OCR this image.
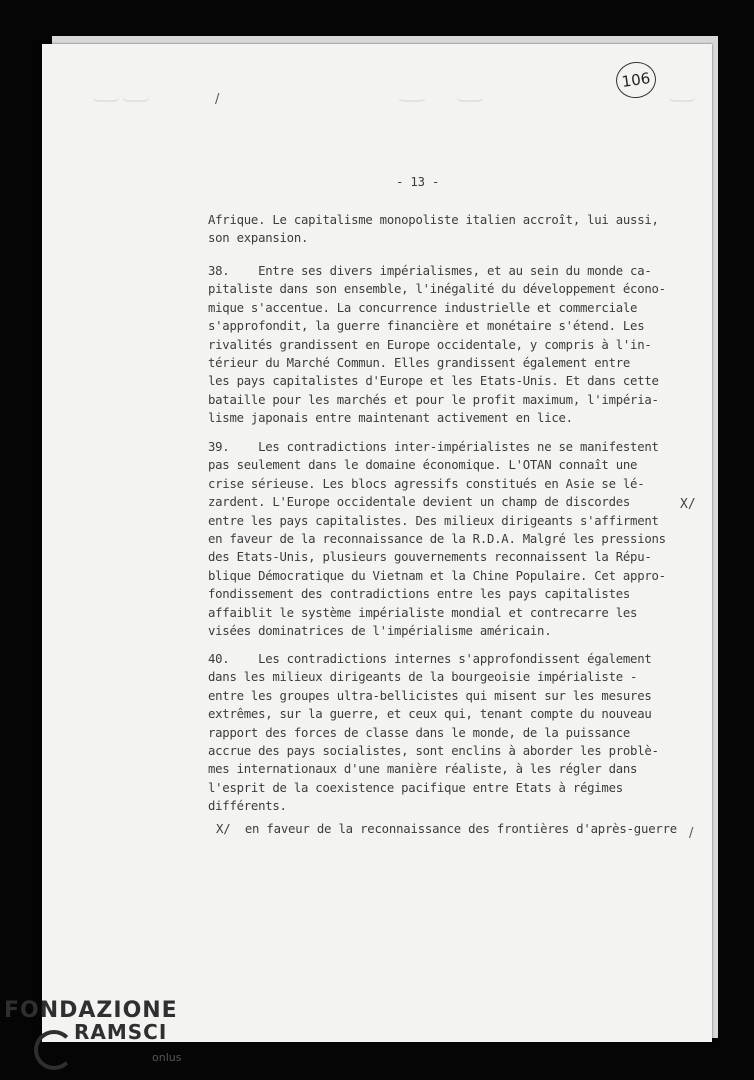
/
106
- 13 -
Afrique. Le capitalisme monopoliste italien accroît, lui aussi,
son expansion.
38.    Entre ses divers impérialismes, et au sein du monde ca-
pitaliste dans son ensemble, l'inégalité du développement écono-
mique s'accentue. La concurrence industrielle et commerciale
s'approfondit, la guerre financière et monétaire s'étend. Les
rivalités grandissent en Europe occidentale, y compris à l'in-
térieur du Marché Commun. Elles grandissent également entre
les pays capitalistes d'Europe et les Etats-Unis. Et dans cette
bataille pour les marchés et pour le profit maximum, l'impéria-
lisme japonais entre maintenant activement en lice.
39.    Les contradictions inter-impérialistes ne se manifestent
pas seulement dans le domaine économique. L'OTAN connaît une
crise sérieuse. Les blocs agressifs constitués en Asie se lé-
zardent. L'Europe occidentale devient un champ de discordes
entre les pays capitalistes. Des milieux dirigeants s'affirment
en faveur de la reconnaissance de la R.D.A. Malgré les pressions
des Etats-Unis, plusieurs gouvernements reconnaissent la Répu-
blique Démocratique du Vietnam et la Chine Populaire. Cet appro-
fondissement des contradictions entre les pays capitalistes
affaiblit le système impérialiste mondial et contrecarre les
visées dominatrices de l'impérialisme américain.
X/
40.    Les contradictions internes s'approfondissent également
dans les milieux dirigeants de la bourgeoisie impérialiste -
entre les groupes ultra-bellicistes qui misent sur les mesures
extrêmes, sur la guerre, et ceux qui, tenant compte du nouveau
rapport des forces de classe dans le monde, de la puissance
accrue des pays socialistes, sont enclins à aborder les problè-
mes internationaux d'une manière réaliste, à les régler dans
l'esprit de la coexistence pacifique entre Etats à régimes
différents.
X/  en faveur de la reconnaissance des frontières d'après-guerre /
FONDAZIONE
RAMSCI
onlus
